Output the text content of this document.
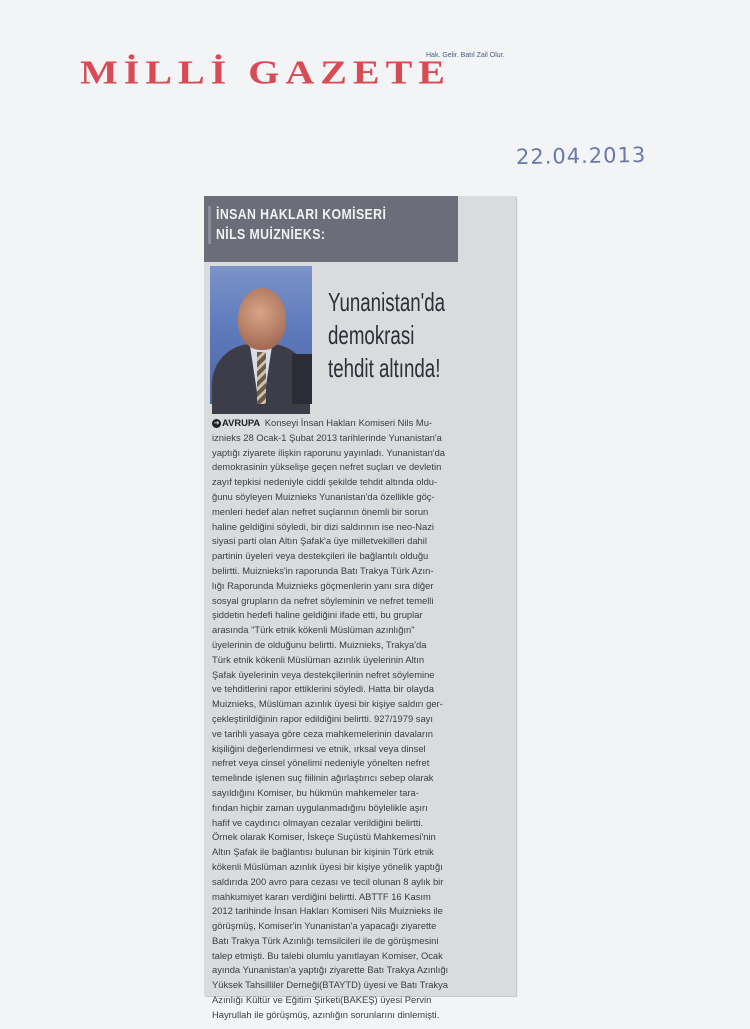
MİLLİ GAZETE
Hak. Gelir. Batıl Zail Olur.
22.04.2013
İNSAN HAKLARI KOMİSERİ
NİLS MUİZNİEKS:
Yunanistan'da
demokrasi
tehdit altında!
➜ AVRUPA Konseyi İnsan Hakları Komiseri Nils Mu-
iznieks 28 Ocak-1 Şubat 2013 tarihlerinde Yunanistan'a
yaptığı ziyarete ilişkin raporunu yayınladı. Yunanistan'da
demokrasinin yükselişe geçen nefret suçları ve devletin
zayıf tepkisi nedeniyle ciddi şekilde tehdit altında oldu-
ğunu söyleyen Muiznieks Yunanistan'da özellikle göç-
menleri hedef alan nefret suçlarının önemli bir sorun
haline geldiğini söyledi, bir dizi saldırının ise neo-Nazi
siyasi parti olan Altın Şafak'a üye milletvekilleri dahil
partinin üyeleri veya destekçileri ile bağlantılı olduğu
belirtti. Muiznieks'in raporunda Batı Trakya Türk Azın-
lığı Raporunda Muiznieks göçmenlerin yanı sıra diğer
sosyal grupların da nefret söyleminin ve nefret temelli
şiddetin hedefi haline geldiğini ifade etti, bu gruplar
arasında "Türk etnik kökenli Müslüman azınlığın"
üyelerinin de olduğunu belirtti. Muiznieks, Trakya'da
Türk etnik kökenli Müslüman azınlık üyelerinin Altın
Şafak üyelerinin veya destekçilerinin nefret söylemine
ve tehditlerini rapor ettiklerini söyledi. Hatta bir olayda
Muiznieks, Müslüman azınlık üyesi bir kişiye saldırı ger-
çekleştirildiğinin rapor edildiğini belirtti. 927/1979 sayı
ve tarihli yasaya göre ceza mahkemelerinin davaların
kişiliğini değerlendirmesi ve etnik, ırksal veya dinsel
nefret veya cinsel yönelimi nedeniyle yönelten nefret
temelinde işlenen suç fiilinin ağırlaştırıcı sebep olarak
sayıldığını Komiser, bu hükmün mahkemeler tara-
fından hiçbir zaman uygulanmadığını böylelikle aşırı
hafif ve caydırıcı olmayan cezalar verildiğini belirtti.
Örnek olarak Komiser, İskeçe Suçüstü Mahkemesi'nin
Altın Şafak ile bağlantısı bulunan bir kişinin Türk etnik
kökenli Müslüman azınlık üyesi bir kişiye yönelik yaptığı
saldırıda 200 avro para cezası ve tecil olunan 8 aylık bir
mahkumiyet kararı verdiğini belirtti. ABTTF 16 Kasım
2012 tarihinde İnsan Hakları Komiseri Nils Muiznieks ile
görüşmüş, Komiser'in Yunanistan'a yapacağı ziyarette
Batı Trakya Türk Azınlığı temsilcileri ile de görüşmesini
talep etmişti. Bu talebi olumlu yanıtlayan Komiser, Ocak
ayında Yunanistan'a yaptığı ziyarette Batı Trakya Azınlığı
Yüksek Tahsilliler Derneği(BTAYTD) üyesi ve Batı Trakya
Azınlığı Kültür ve Eğitim Şirketi(BAKEŞ) üyesi Pervin
Hayrullah ile görüşmüş, azınlığın sorunlarını dinlemişti.
